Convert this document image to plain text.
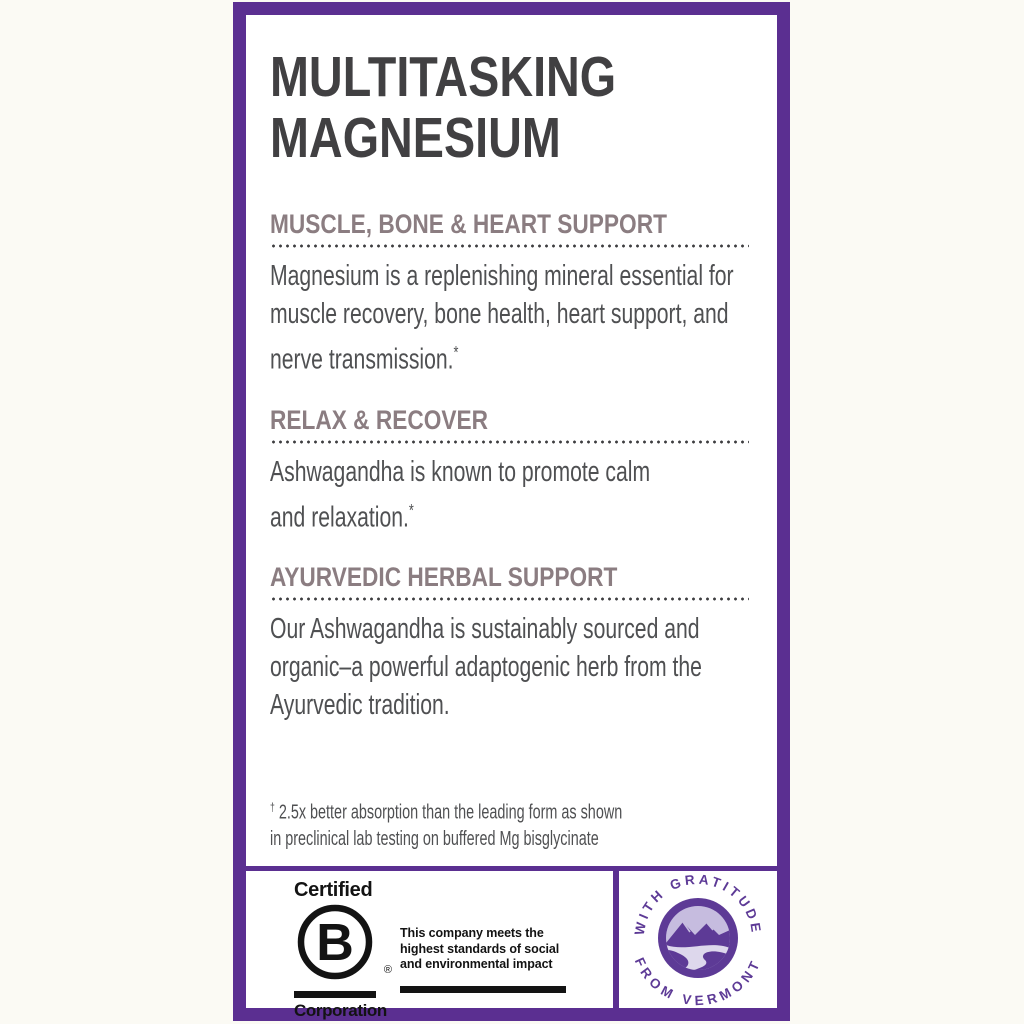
MULTITASKING
MAGNESIUM
MUSCLE, BONE & HEART SUPPORT
Magnesium is a replenishing mineral essential for
muscle recovery, bone health, heart support, and
nerve transmission.*
RELAX & RECOVER
Ashwagandha is known to promote calm
and relaxation.*
AYURVEDIC HERBAL SUPPORT
Our Ashwagandha is sustainably sourced and
organic–a powerful adaptogenic herb from the
Ayurvedic tradition.
† 2.5x better absorption than the leading form as shown
in preclinical lab testing on buffered Mg bisglycinate
Certified
B	®
Corporation
This company meets the
highest standards of social
and environmental impact
WITH GRATITUDE
FROM VERMONT
